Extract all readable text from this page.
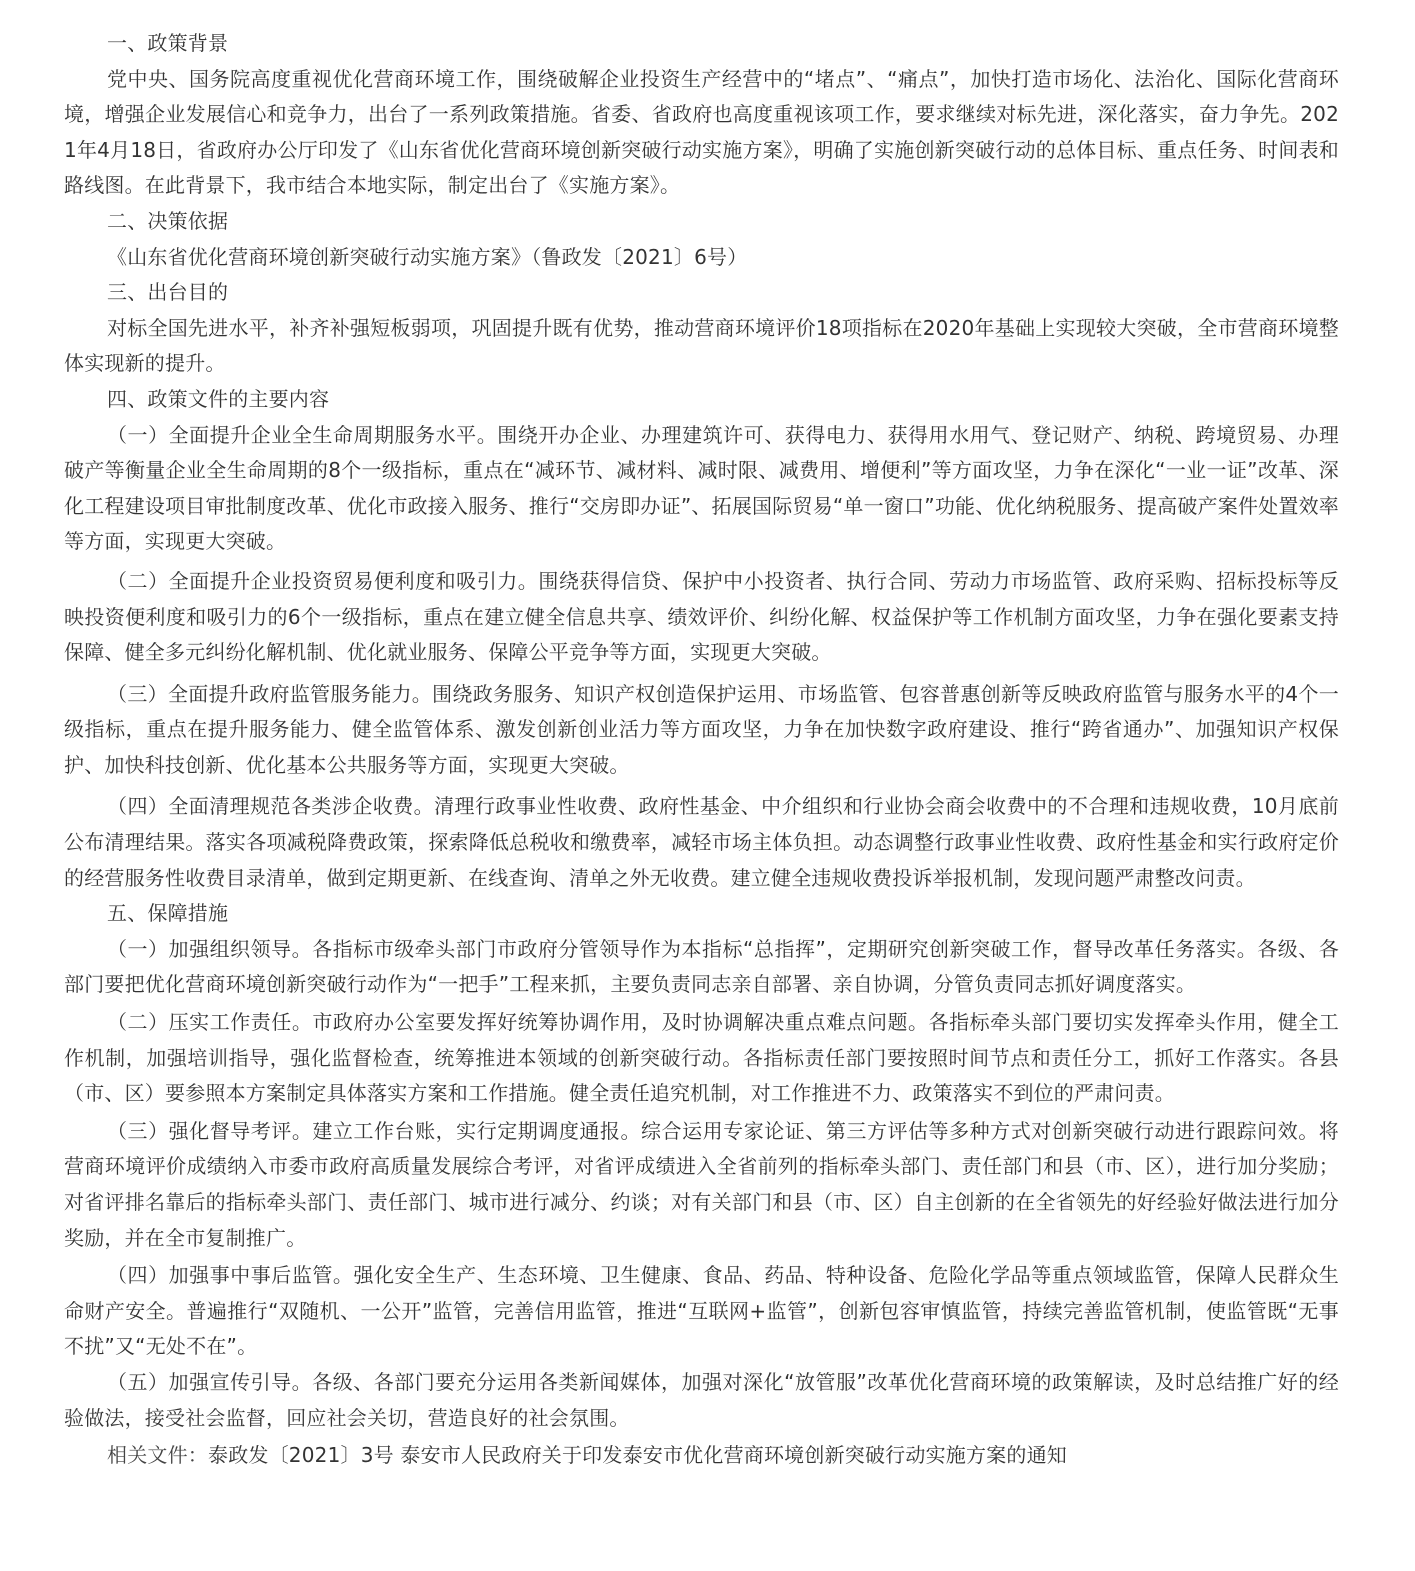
一、政策背景

党中央、国务院高度重视优化营商环境工作，围绕破解企业投资生产经营中的“堵点”、“痛点”，加快打造市场化、法治化、国际化营商环境，增强企业发展信心和竞争力，出台了一系列政策措施。省委、省政府也高度重视该项工作，要求继续对标先进，深化落实，奋力争先。2021年4月18日，省政府办公厅印发了《山东省优化营商环境创新突破行动实施方案》，明确了实施创新突破行动的总体目标、重点任务、时间表和路线图。在此背景下，我市结合本地实际，制定出台了《实施方案》。

二、决策依据

《山东省优化营商环境创新突破行动实施方案》（鲁政发〔2021〕6号）

三、出台目的

对标全国先进水平，补齐补强短板弱项，巩固提升既有优势，推动营商环境评价18项指标在2020年基础上实现较大突破，全市营商环境整体实现新的提升。

四、政策文件的主要内容

（一）全面提升企业全生命周期服务水平。围绕开办企业、办理建筑许可、获得电力、获得用水用气、登记财产、纳税、跨境贸易、办理破产等衡量企业全生命周期的8个一级指标，重点在“减环节、减材料、减时限、减费用、增便利”等方面攻坚，力争在深化“一业一证”改革、深化工程建设项目审批制度改革、优化市政接入服务、推行“交房即办证”、拓展国际贸易“单一窗口”功能、优化纳税服务、提高破产案件处置效率等方面，实现更大突破。

（二）全面提升企业投资贸易便利度和吸引力。围绕获得信贷、保护中小投资者、执行合同、劳动力市场监管、政府采购、招标投标等反映投资便利度和吸引力的6个一级指标，重点在建立健全信息共享、绩效评价、纠纷化解、权益保护等工作机制方面攻坚，力争在强化要素支持保障、健全多元纠纷化解机制、优化就业服务、保障公平竞争等方面，实现更大突破。

（三）全面提升政府监管服务能力。围绕政务服务、知识产权创造保护运用、市场监管、包容普惠创新等反映政府监管与服务水平的4个一级指标，重点在提升服务能力、健全监管体系、激发创新创业活力等方面攻坚，力争在加快数字政府建设、推行“跨省通办”、加强知识产权保护、加快科技创新、优化基本公共服务等方面，实现更大突破。

（四）全面清理规范各类涉企收费。清理行政事业性收费、政府性基金、中介组织和行业协会商会收费中的不合理和违规收费，10月底前公布清理结果。落实各项减税降费政策，探索降低总税收和缴费率，减轻市场主体负担。动态调整行政事业性收费、政府性基金和实行政府定价的经营服务性收费目录清单，做到定期更新、在线查询、清单之外无收费。建立健全违规收费投诉举报机制，发现问题严肃整改问责。

五、保障措施

（一）加强组织领导。各指标市级牵头部门市政府分管领导作为本指标“总指挥”，定期研究创新突破工作，督导改革任务落实。各级、各部门要把优化营商环境创新突破行动作为“一把手”工程来抓，主要负责同志亲自部署、亲自协调，分管负责同志抓好调度落实。

（二）压实工作责任。市政府办公室要发挥好统筹协调作用，及时协调解决重点难点问题。各指标牵头部门要切实发挥牵头作用，健全工作机制，加强培训指导，强化监督检查，统筹推进本领域的创新突破行动。各指标责任部门要按照时间节点和责任分工，抓好工作落实。各县（市、区）要参照本方案制定具体落实方案和工作措施。健全责任追究机制，对工作推进不力、政策落实不到位的严肃问责。

（三）强化督导考评。建立工作台账，实行定期调度通报。综合运用专家论证、第三方评估等多种方式对创新突破行动进行跟踪问效。将营商环境评价成绩纳入市委市政府高质量发展综合考评，对省评成绩进入全省前列的指标牵头部门、责任部门和县（市、区），进行加分奖励；对省评排名靠后的指标牵头部门、责任部门、城市进行减分、约谈；对有关部门和县（市、区）自主创新的在全省领先的好经验好做法进行加分奖励，并在全市复制推广。

（四）加强事中事后监管。强化安全生产、生态环境、卫生健康、食品、药品、特种设备、危险化学品等重点领域监管，保障人民群众生命财产安全。普遍推行“双随机、一公开”监管，完善信用监管，推进“互联网+监管”，创新包容审慎监管，持续完善监管机制，使监管既“无事不扰”又“无处不在”。

（五）加强宣传引导。各级、各部门要充分运用各类新闻媒体，加强对深化“放管服”改革优化营商环境的政策解读，及时总结推广好的经验做法，接受社会监督，回应社会关切，营造良好的社会氛围。

相关文件：泰政发〔2021〕3号 泰安市人民政府关于印发泰安市优化营商环境创新突破行动实施方案的通知
